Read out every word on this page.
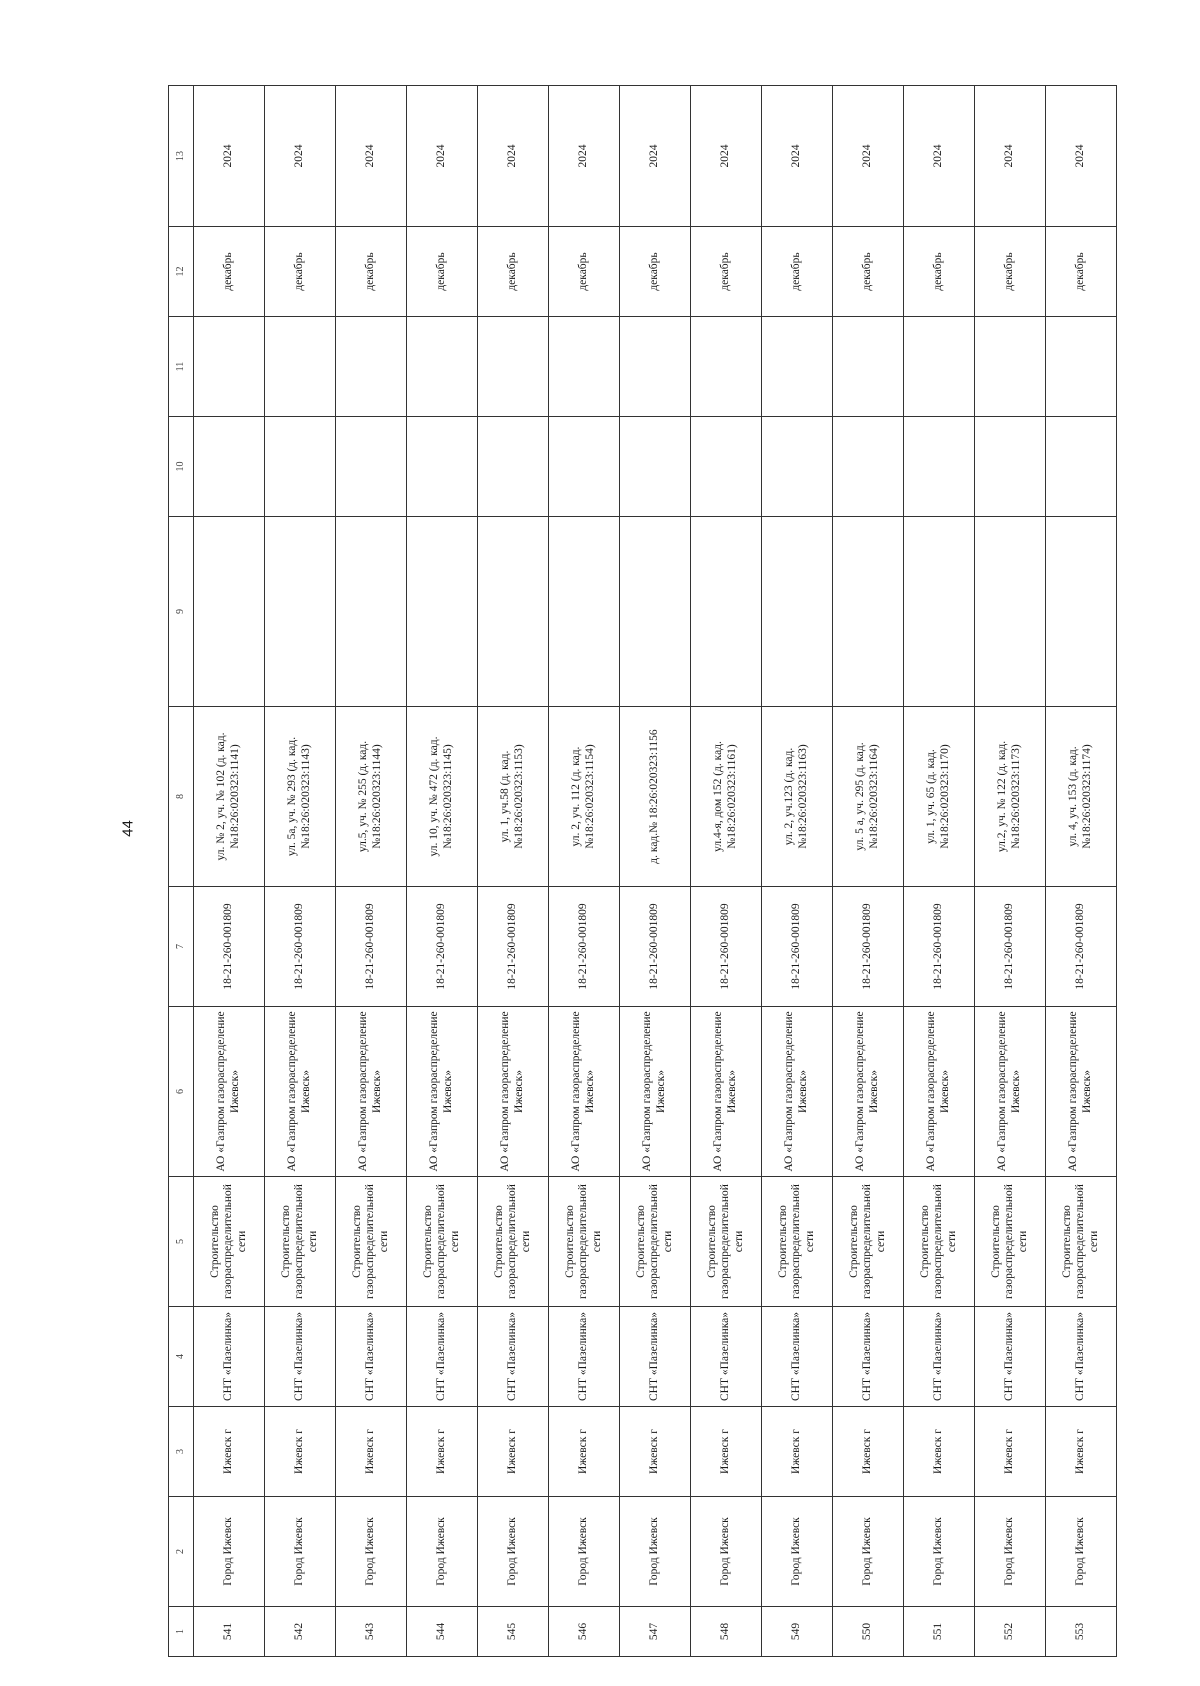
44
1	2	3	4	5	6	7	8	9	10	11	12	13
541	Город Ижевск	Ижевск г	СНТ «Пазелинка»	Строительство газораспределительной сети	АО «Газпром газораспределение Ижевск»	18-21-260-001809	ул. № 2, уч. № 102 (д. кад.№18:26:020323:1141)				декабрь	2024
542	Город Ижевск	Ижевск г	СНТ «Пазелинка»	Строительство газораспределительной сети	АО «Газпром газораспределение Ижевск»	18-21-260-001809	ул. 5а, уч. № 293 (д. кад.№18:26:020323:1143)				декабрь	2024
543	Город Ижевск	Ижевск г	СНТ «Пазелинка»	Строительство газораспределительной сети	АО «Газпром газораспределение Ижевск»	18-21-260-001809	ул.5, уч. № 255 (д. кад.№18:26:020323:1144)				декабрь	2024
544	Город Ижевск	Ижевск г	СНТ «Пазелинка»	Строительство газораспределительной сети	АО «Газпром газораспределение Ижевск»	18-21-260-001809	ул. 10, уч. № 472 (д. кад.№18:26:020323:1145)				декабрь	2024
545	Город Ижевск	Ижевск г	СНТ «Пазелинка»	Строительство газораспределительной сети	АО «Газпром газораспределение Ижевск»	18-21-260-001809	ул. 1, уч.58 (д. кад.№18:26:020323:1153)				декабрь	2024
546	Город Ижевск	Ижевск г	СНТ «Пазелинка»	Строительство газораспределительной сети	АО «Газпром газораспределение Ижевск»	18-21-260-001809	ул. 2, уч. 112 (д. кад.№18:26:020323:1154)				декабрь	2024
547	Город Ижевск	Ижевск г	СНТ «Пазелинка»	Строительство газораспределительной сети	АО «Газпром газораспределение Ижевск»	18-21-260-001809	д. кад.№ 18:26:020323:1156				декабрь	2024
548	Город Ижевск	Ижевск г	СНТ «Пазелинка»	Строительство газораспределительной сети	АО «Газпром газораспределение Ижевск»	18-21-260-001809	ул.4-я, дом 152 (д. кад.№18:26:020323:1161)				декабрь	2024
549	Город Ижевск	Ижевск г	СНТ «Пазелинка»	Строительство газораспределительной сети	АО «Газпром газораспределение Ижевск»	18-21-260-001809	ул. 2, уч.123 (д. кад.№18:26:020323:1163)				декабрь	2024
550	Город Ижевск	Ижевск г	СНТ «Пазелинка»	Строительство газораспределительной сети	АО «Газпром газораспределение Ижевск»	18-21-260-001809	ул. 5 а, уч. 295 (д. кад.№18:26:020323:1164)				декабрь	2024
551	Город Ижевск	Ижевск г	СНТ «Пазелинка»	Строительство газораспределительной сети	АО «Газпром газораспределение Ижевск»	18-21-260-001809	ул. 1, уч. 65 (д. кад.№18:26:020323:1170)				декабрь	2024
552	Город Ижевск	Ижевск г	СНТ «Пазелинка»	Строительство газораспределительной сети	АО «Газпром газораспределение Ижевск»	18-21-260-001809	ул.2, уч. № 122 (д. кад.№18:26:020323:1173)				декабрь	2024
553	Город Ижевск	Ижевск г	СНТ «Пазелинка»	Строительство газораспределительной сети	АО «Газпром газораспределение Ижевск»	18-21-260-001809	ул. 4, уч. 153 (д. кад.№18:26:020323:1174)				декабрь	2024
